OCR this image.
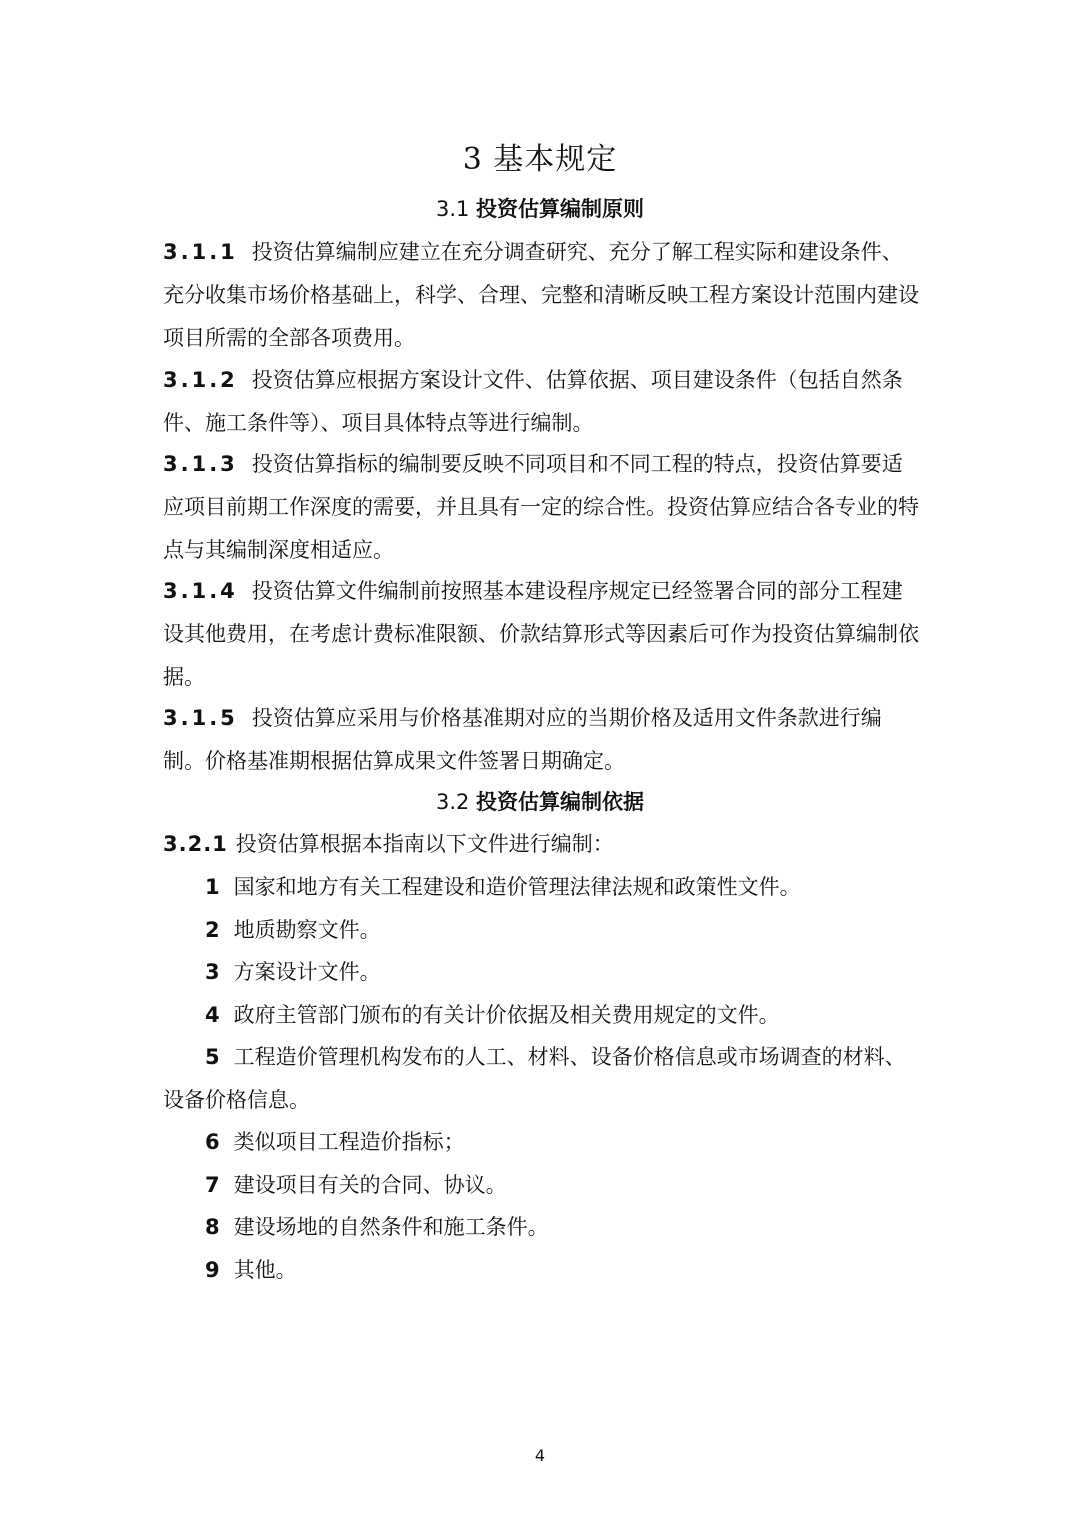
3 基本规定
3.1 投资估算编制原则
3.1.1 投资估算编制应建立在充分调查研究、充分了解工程实际和建设条件、充分收集市场价格基础上，科学、合理、完整和清晰反映工程方案设计范围内建设项目所需的全部各项费用。
3.1.2 投资估算应根据方案设计文件、估算依据、项目建设条件（包括自然条件、施工条件等）、项目具体特点等进行编制。
3.1.3 投资估算指标的编制要反映不同项目和不同工程的特点，投资估算要适应项目前期工作深度的需要，并且具有一定的综合性。投资估算应结合各专业的特点与其编制深度相适应。
3.1.4 投资估算文件编制前按照基本建设程序规定已经签署合同的部分工程建设其他费用，在考虑计费标准限额、价款结算形式等因素后可作为投资估算编制依据。
3.1.5 投资估算应采用与价格基准期对应的当期价格及适用文件条款进行编制。价格基准期根据估算成果文件签署日期确定。
3.2 投资估算编制依据
3.2.1 投资估算根据本指南以下文件进行编制：
1 国家和地方有关工程建设和造价管理法律法规和政策性文件。
2 地质勘察文件。
3 方案设计文件。
4 政府主管部门颁布的有关计价依据及相关费用规定的文件。
5 工程造价管理机构发布的人工、材料、设备价格信息或市场调查的材料、设备价格信息。
6 类似项目工程造价指标；
7 建设项目有关的合同、协议。
8 建设场地的自然条件和施工条件。
9 其他。
4
